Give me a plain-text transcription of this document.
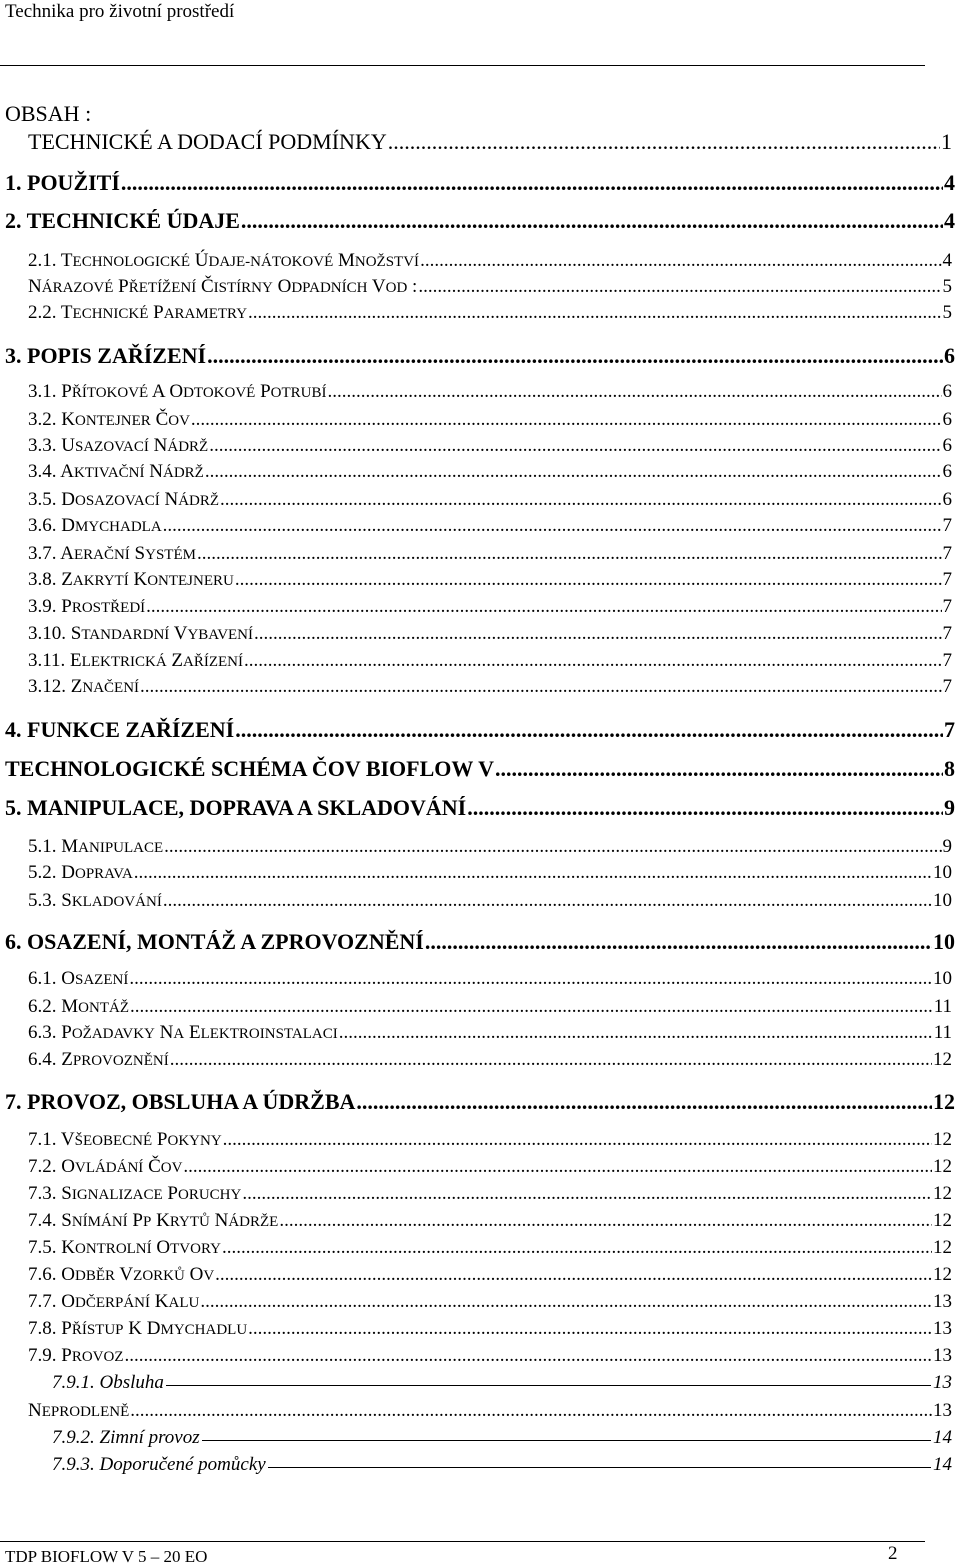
Technika pro životní prostředí
OBSAH :
TECHNICKÉ A DODACÍ PODMÍNKY .....	1
1. POUŽITÍ .....	4
2. TECHNICKÉ ÚDAJE .....	4
2.1. TECHNOLOGICKÉ ÚDAJE-NÁTOKOVÉ MNOŽSTVÍ .....	4
NÁRAZOVÉ PŘETÍŽENÍ ČISTÍRNY ODPADNÍCH VOD : .....	5
2.2. TECHNICKÉ PARAMETRY .....	5
3. POPIS ZAŘÍZENÍ .....	6
3.1. PŘÍTOKOVÉ A ODTOKOVÉ POTRUBÍ .....	6
3.2. KONTEJNER ČOV .....	6
3.3. USAZOVACÍ NÁDRŽ .....	6
3.4. AKTIVAČNÍ NÁDRŽ .....	6
3.5. DOSAZOVACÍ NÁDRŽ .....	6
3.6. DMYCHADLA .....	7
3.7. AERAČNÍ SYSTÉM .....	7
3.8. ZAKRYTÍ KONTEJNERU .....	7
3.9. PROSTŘEDÍ .....	7
3.10. STANDARDNÍ VYBAVENÍ .....	7
3.11. ELEKTRICKÁ ZAŘÍZENÍ .....	7
3.12. ZNAČENÍ .....	7
4. FUNKCE ZAŘÍZENÍ .....	7
TECHNOLOGICKÉ SCHÉMA ČOV BIOFLOW V .....	8
5. MANIPULACE, DOPRAVA A SKLADOVÁNÍ .....	9
5.1. MANIPULACE .....	9
5.2. DOPRAVA .....	10
5.3. SKLADOVÁNÍ .....	10
6. OSAZENÍ, MONTÁŽ A ZPROVOZNĚNÍ .....	10
6.1. OSAZENÍ .....	10
6.2. MONTÁŽ .....	11
6.3. POŽADAVKY NA ELEKTROINSTALACI .....	11
6.4. ZPROVOZNĚNÍ .....	12
7. PROVOZ, OBSLUHA A ÚDRŽBA .....	12
7.1. VŠEOBECNÉ POKYNY .....	12
7.2. OVLÁDÁNÍ ČOV .....	12
7.3. SIGNALIZACE PORUCHY .....	12
7.4. SNÍMÁNÍ PP KRYTŮ NÁDRŽE .....	12
7.5. KONTROLNÍ OTVORY .....	12
7.6. ODBĚR VZORKŮ OV .....	12
7.7. ODČERPÁNÍ KALU .....	13
7.8. PŘÍSTUP K DMYCHADLU .....	13
7.9. PROVOZ .....	13
7.9.1. Obsluha	13
NEPRODLENĚ .....	13
7.9.2. Zimní provoz	14
7.9.3. Doporučené pomůcky	14
TDP BIOFLOW V 5 – 20 EO	2
